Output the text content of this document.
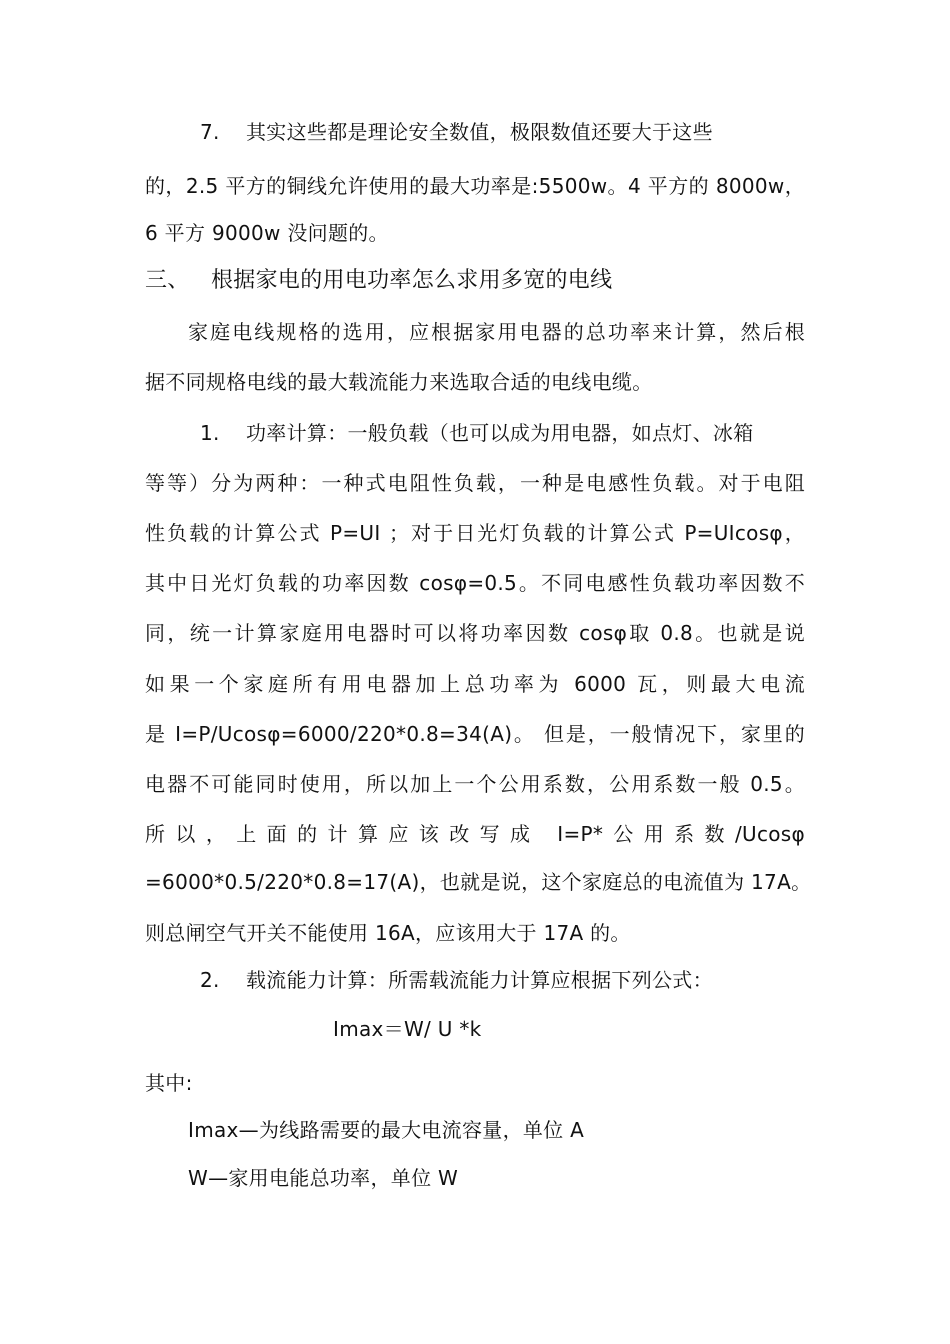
7. 其实这些都是理论安全数值，极限数值还要大于这些
的，2.5 平方的铜线允许使用的最大功率是:5500w。4 平方的 8000w，
6 平方 9000w 没问题的。
三、 根据家电的用电功率怎么求用多宽的电线
家庭电线规格的选用，应根据家用电器的总功率来计算，然后根
据不同规格电线的最大载流能力来选取合适的电线电缆。
1. 功率计算：一般负载（也可以成为用电器，如点灯、冰箱
等等）分为两种：一种式电阻性负载，一种是电感性负载。对于电阻
性负载的计算公式 P=UI ；对于日光灯负载的计算公式 P=UIcosφ，
其中日光灯负载的功率因数 cosφ=0.5。不同电感性负载功率因数不
同，统一计算家庭用电器时可以将功率因数 cosφ取 0.8。也就是说
如果一个家庭所有用电器加上总功率为 6000 瓦，则最大电流
是 I=P/Ucosφ=6000/220*0.8=34(A)。 但是，一般情况下，家里的
电器不可能同时使用，所以加上一个公用系数，公用系数一般 0.5。
所以，上面的计算应该改写成 I=P*公用系数/Ucosφ
=6000*0.5/220*0.8=17(A)，也就是说，这个家庭总的电流值为 17A。
则总闸空气开关不能使用 16A，应该用大于 17A 的。
2. 载流能力计算：所需载流能力计算应根据下列公式：
Imax＝W/ U *k
其中:
Imax—为线路需要的最大电流容量，单位 A
W—家用电能总功率，单位 W
